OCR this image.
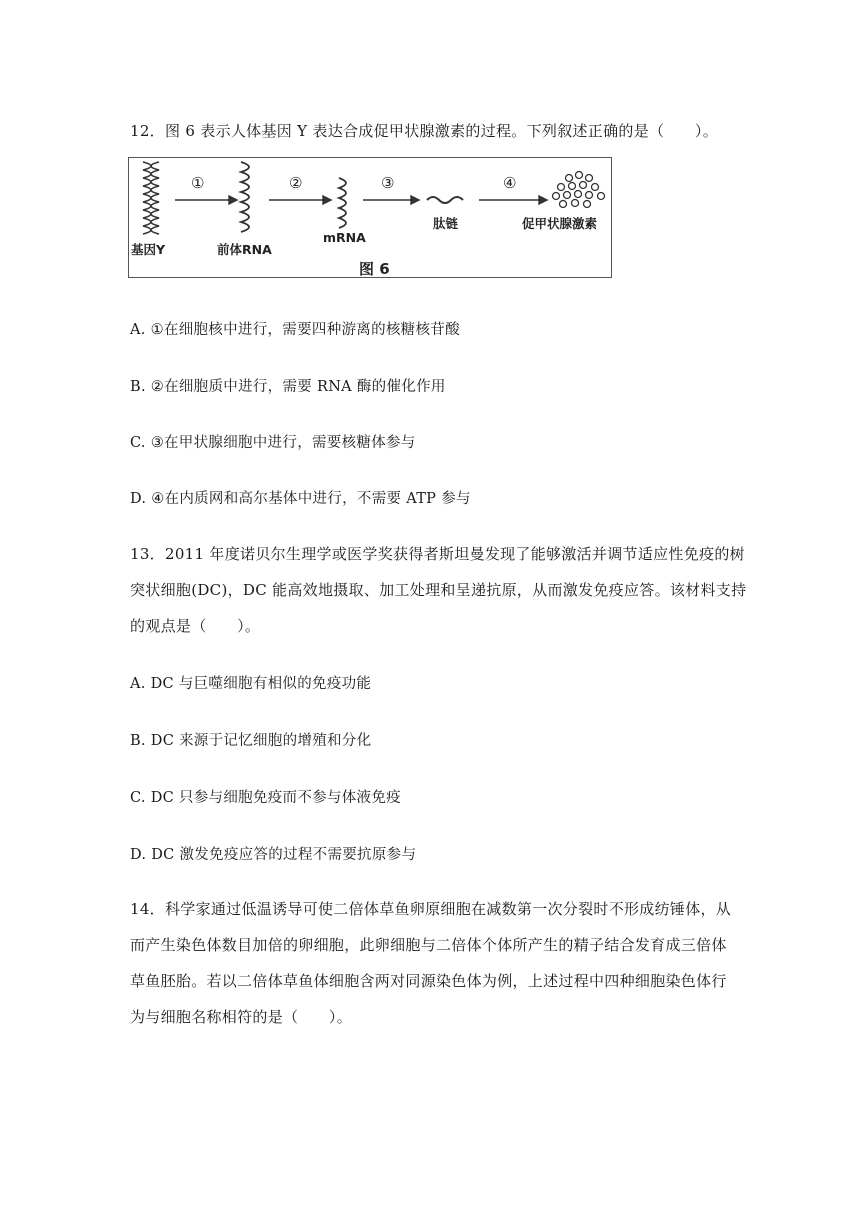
12．图 6 表示人体基因 Y 表达合成促甲状腺激素的过程。下列叙述正确的是（　　）。
①	②	③	④
基因Y	前体RNA
mRNA
肽链	促甲状腺激素
图 6
A. ①在细胞核中进行，需要四种游离的核糖核苷酸
B. ②在细胞质中进行，需要 RNA 酶的催化作用
C. ③在甲状腺细胞中进行，需要核糖体参与
D. ④在内质网和高尔基体中进行，不需要 ATP 参与
13．2011 年度诺贝尔生理学或医学奖获得者斯坦曼发现了能够激活并调节适应性免疫的树
突状细胞(DC)，DC 能高效地摄取、加工处理和呈递抗原，从而激发免疫应答。该材料支持
的观点是（　　）。
A. DC 与巨噬细胞有相似的免疫功能
B. DC 来源于记忆细胞的增殖和分化
C. DC 只参与细胞免疫而不参与体液免疫
D. DC 激发免疫应答的过程不需要抗原参与
14．科学家通过低温诱导可使二倍体草鱼卵原细胞在减数第一次分裂时不形成纺锤体，从
而产生染色体数目加倍的卵细胞，此卵细胞与二倍体个体所产生的精子结合发育成三倍体
草鱼胚胎。若以二倍体草鱼体细胞含两对同源染色体为例，上述过程中四种细胞染色体行
为与细胞名称相符的是（　　）。
